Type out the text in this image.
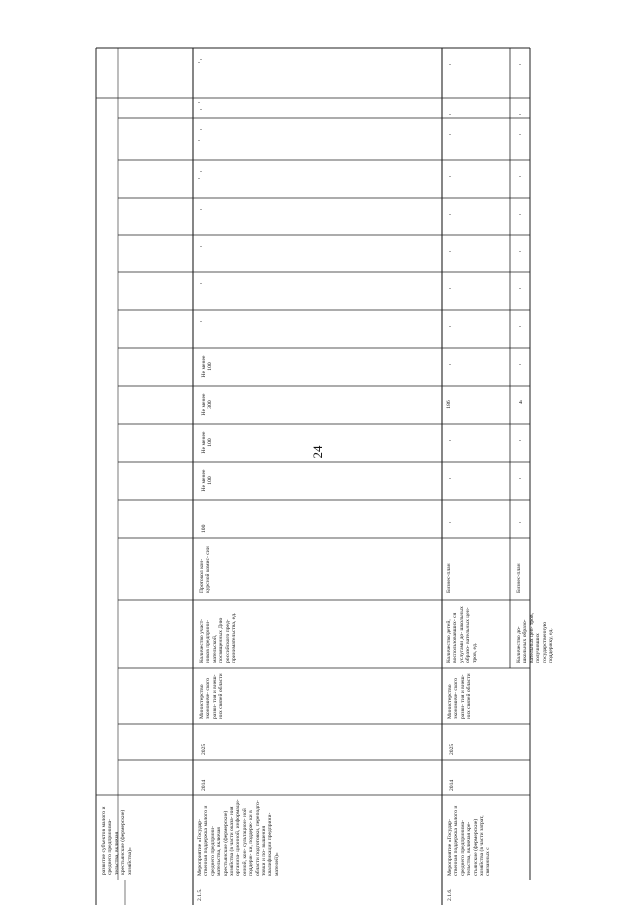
24
развитие субъектов малого и среднего предпринима- тельства, включая крестьянские (фермерские) хозяйства)»
-
-
-
-
2.1.5.
Мероприятие «Государ- ственная поддержка малого и среднего предприни- мательства, включая крестьянские (фермерские) хозяйства (в части оказа- ния организа- ционной, информаци- онной, кон- сультацион- ной поддерж- ки, поддерж- ки в области подготовки, переподго- товки и по- вышения квалификации предприни- мателей)»
2014
2025
Министерство экономиче- ского разви- тия и внеш- них связей области
Количество участ- ников предприни- мательской, посвященных Дню российского пред- принимательства, ед.
Протокол кон- курсной комис- сии
100
Не менее 100
Не менее 100
Не менее 300
Не менее 100
-
-
-
-
-
-
-
-
2.1.6.
Мероприятие «Государ- ственная поддержка малого и среднего предпринима- тельства, включая кре- стьянские (фермерские) хозяйства (в части затрат, связанных с
2014
2025
Министерство экономиче- ского разви- тия и внеш- них связей области
Количество детей, воспользовавших- ся услугами до- школьных образо- вательных цен- тров, ед.
Бизнес-план
-
-
-
186
-
-
-
-
-
-
-
-
-
Количество до- школьных образо- вательных цен- тров, получивших государственную поддержку, ед.
Бизнес-план
-
-
-
4
-
-
-
-
-
-
-
-
-
